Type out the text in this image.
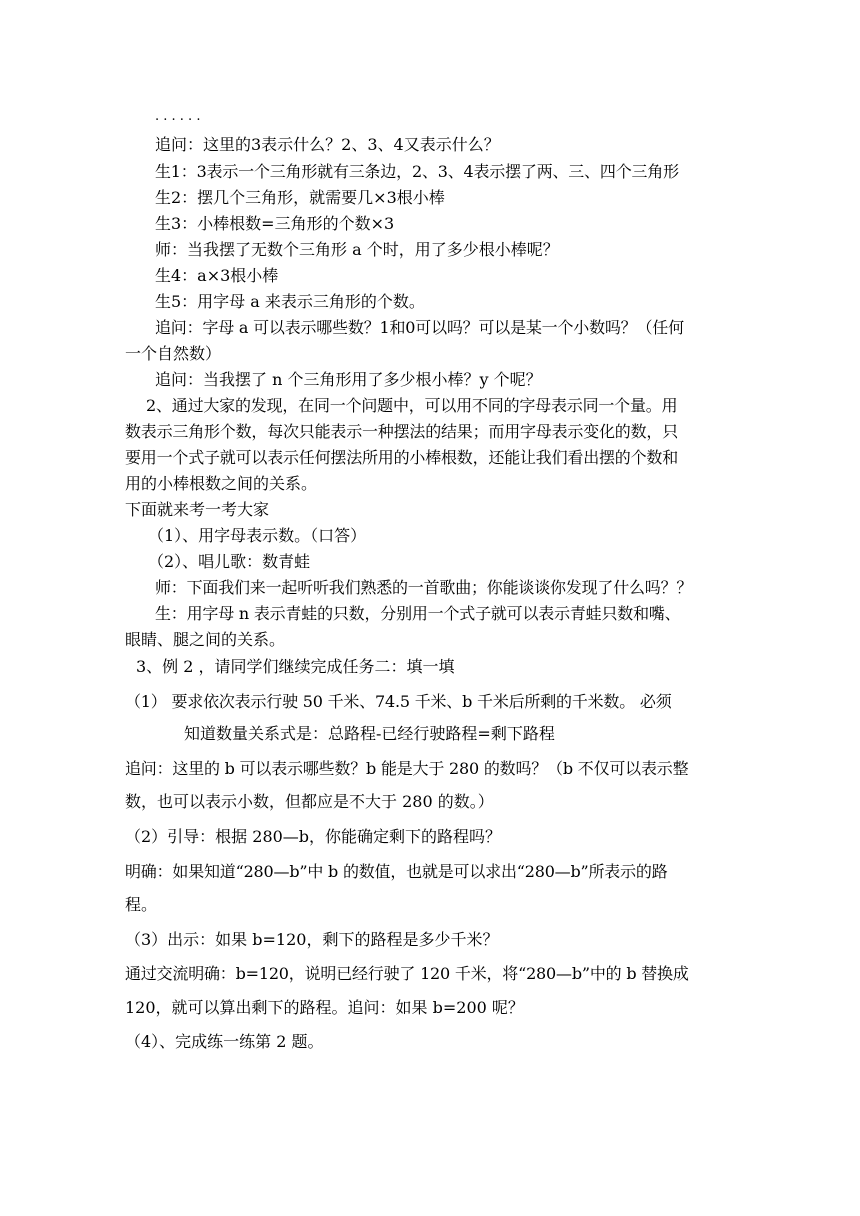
. . . . . .
追问：这里的3表示什么？2、3、4又表示什么？
生1：3表示一个三角形就有三条边，2、3、4表示摆了两、三、四个三角形
生2：摆几个三角形，就需要几×3根小棒
生3：小棒根数=三角形的个数×3
师：当我摆了无数个三角形 a 个时，用了多少根小棒呢？
生4：a×3根小棒
生5：用字母 a 来表示三角形的个数。
追问：字母 a 可以表示哪些数？1和0可以吗？可以是某一个小数吗？（任何
一个自然数）
追问：当我摆了 n 个三角形用了多少根小棒？y 个呢？
2、通过大家的发现，在同一个问题中，可以用不同的字母表示同一个量。用
数表示三角形个数，每次只能表示一种摆法的结果；而用字母表示变化的数，只
要用一个式子就可以表示任何摆法所用的小棒根数，还能让我们看出摆的个数和
用的小棒根数之间的关系。
下面就来考一考大家
（1）、用字母表示数。（口答）
（2）、唱儿歌：数青蛙
师：下面我们来一起听听我们熟悉的一首歌曲；你能谈谈你发现了什么吗？？
生：用字母 n 表示青蛙的只数，分别用一个式子就可以表示青蛙只数和嘴、
眼睛、腿之间的关系。
3、例 2 ，请同学们继续完成任务二：填一填
（1） 要求依次表示行驶 50 千米、74.5 千米、b 千米后所剩的千米数。 必须
知道数量关系式是：总路程-已经行驶路程=剩下路程
追问：这里的 b 可以表示哪些数？b 能是大于 280 的数吗？（b 不仅可以表示整
数，也可以表示小数，但都应是不大于 280 的数。）
（2）引导：根据 280—b，你能确定剩下的路程吗？
明确：如果知道“280—b”中 b 的数值，也就是可以求出“280—b”所表示的路
程。
（3）出示：如果 b=120，剩下的路程是多少千米？
通过交流明确：b=120，说明已经行驶了 120 千米，将“280—b”中的 b 替换成
120，就可以算出剩下的路程。追问：如果 b=200 呢？
（4）、完成练一练第 2 题。
